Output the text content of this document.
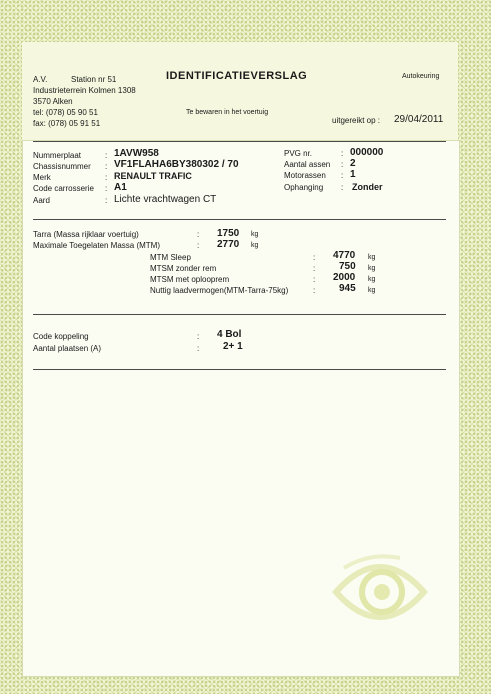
A.V.	Station nr 51
Industrieterrein Kolmen 1308
3570 Alken
tel: (078) 05 90 51
fax: (078) 05 91 51
IDENTIFICATIEVERSLAG
Te bewaren in het voertuig
Autokeuring
uitgereikt op : 29/04/2011
Nummerplaat	: 1AVW958
Chassisnummer : VF1FLAHA6BY380302 / 70
Merk	: RENAULT TRAFIC
Code carrosserie : A1
Aard	: Lichte vrachtwagen CT
PVG nr.	: 000000
Aantal assen : 2
Motorassen : 1
Ophanging : Zonder
Tarra (Massa rijklaar voertuig)	: 1750 kg
Maximale Toegelaten Massa (MTM)	: 2770 kg
MTM Sleep	: 4770 kg
MTSM zonder rem	: 750 kg
MTSM met oplooprem	: 2000 kg
Nuttig laadvermogen(MTM-Tarra-75kg)	: 945 kg
Code koppeling	: 4 Bol
Aantal plaatsen (A)	: 2+ 1
